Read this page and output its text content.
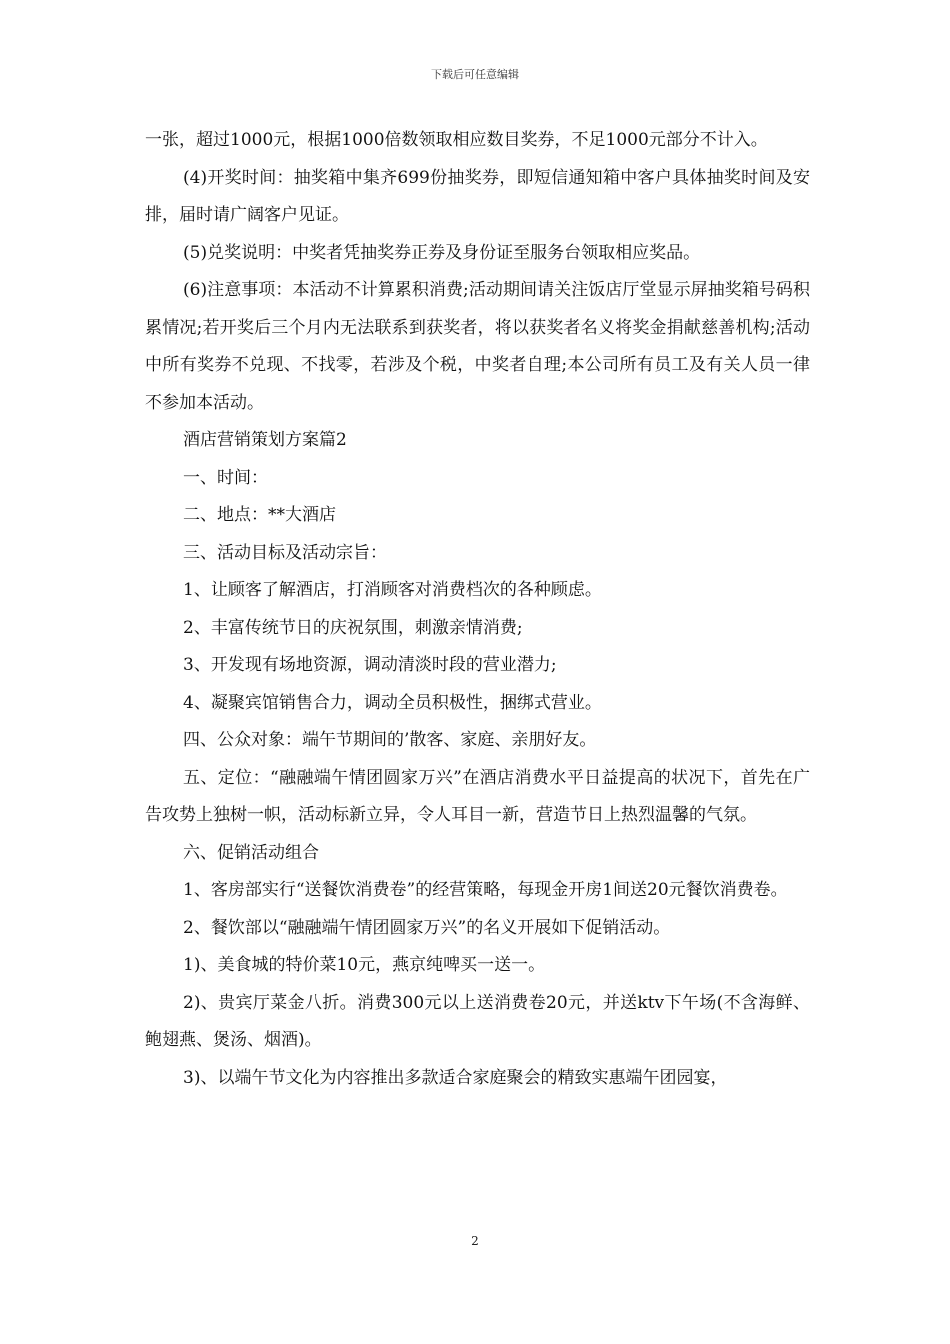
下载后可任意编辑

一张，超过1000元，根据1000倍数领取相应数目奖券，不足1000元部分不计入。

(4)开奖时间：抽奖箱中集齐699份抽奖券，即短信通知箱中客户具体抽奖时间及安排，届时请广阔客户见证。

(5)兑奖说明：中奖者凭抽奖券正券及身份证至服务台领取相应奖品。

(6)注意事项：本活动不计算累积消费;活动期间请关注饭店厅堂显示屏抽奖箱号码积累情况;若开奖后三个月内无法联系到获奖者，将以获奖者名义将奖金捐献慈善机构;活动中所有奖券不兑现、不找零，若涉及个税，中奖者自理;本公司所有员工及有关人员一律不参加本活动。

酒店营销策划方案篇2

一、时间：

二、地点：**大酒店

三、活动目标及活动宗旨：

1、让顾客了解酒店，打消顾客对消费档次的各种顾虑。

2、丰富传统节日的庆祝氛围，刺激亲情消费;

3、开发现有场地资源，调动清淡时段的营业潜力;

4、凝聚宾馆销售合力，调动全员积极性，捆绑式营业。

四、公众对象：端午节期间的’散客、家庭、亲朋好友。

五、定位：“融融端午情团圆家万兴”在酒店消费水平日益提高的状况下，首先在广告攻势上独树一帜，活动标新立异，令人耳目一新，营造节日上热烈温馨的气氛。

六、促销活动组合

1、客房部实行“送餐饮消费卷”的经营策略，每现金开房1间送20元餐饮消费卷。

2、餐饮部以“融融端午情团圆家万兴”的名义开展如下促销活动。

1)、美食城的特价菜10元，燕京纯啤买一送一。

2)、贵宾厅菜金八折。消费300元以上送消费卷20元，并送ktv下午场(不含海鲜、鲍翅燕、煲汤、烟酒)。

3)、以端午节文化为内容推出多款适合家庭聚会的精致实惠端午团园宴，

2
